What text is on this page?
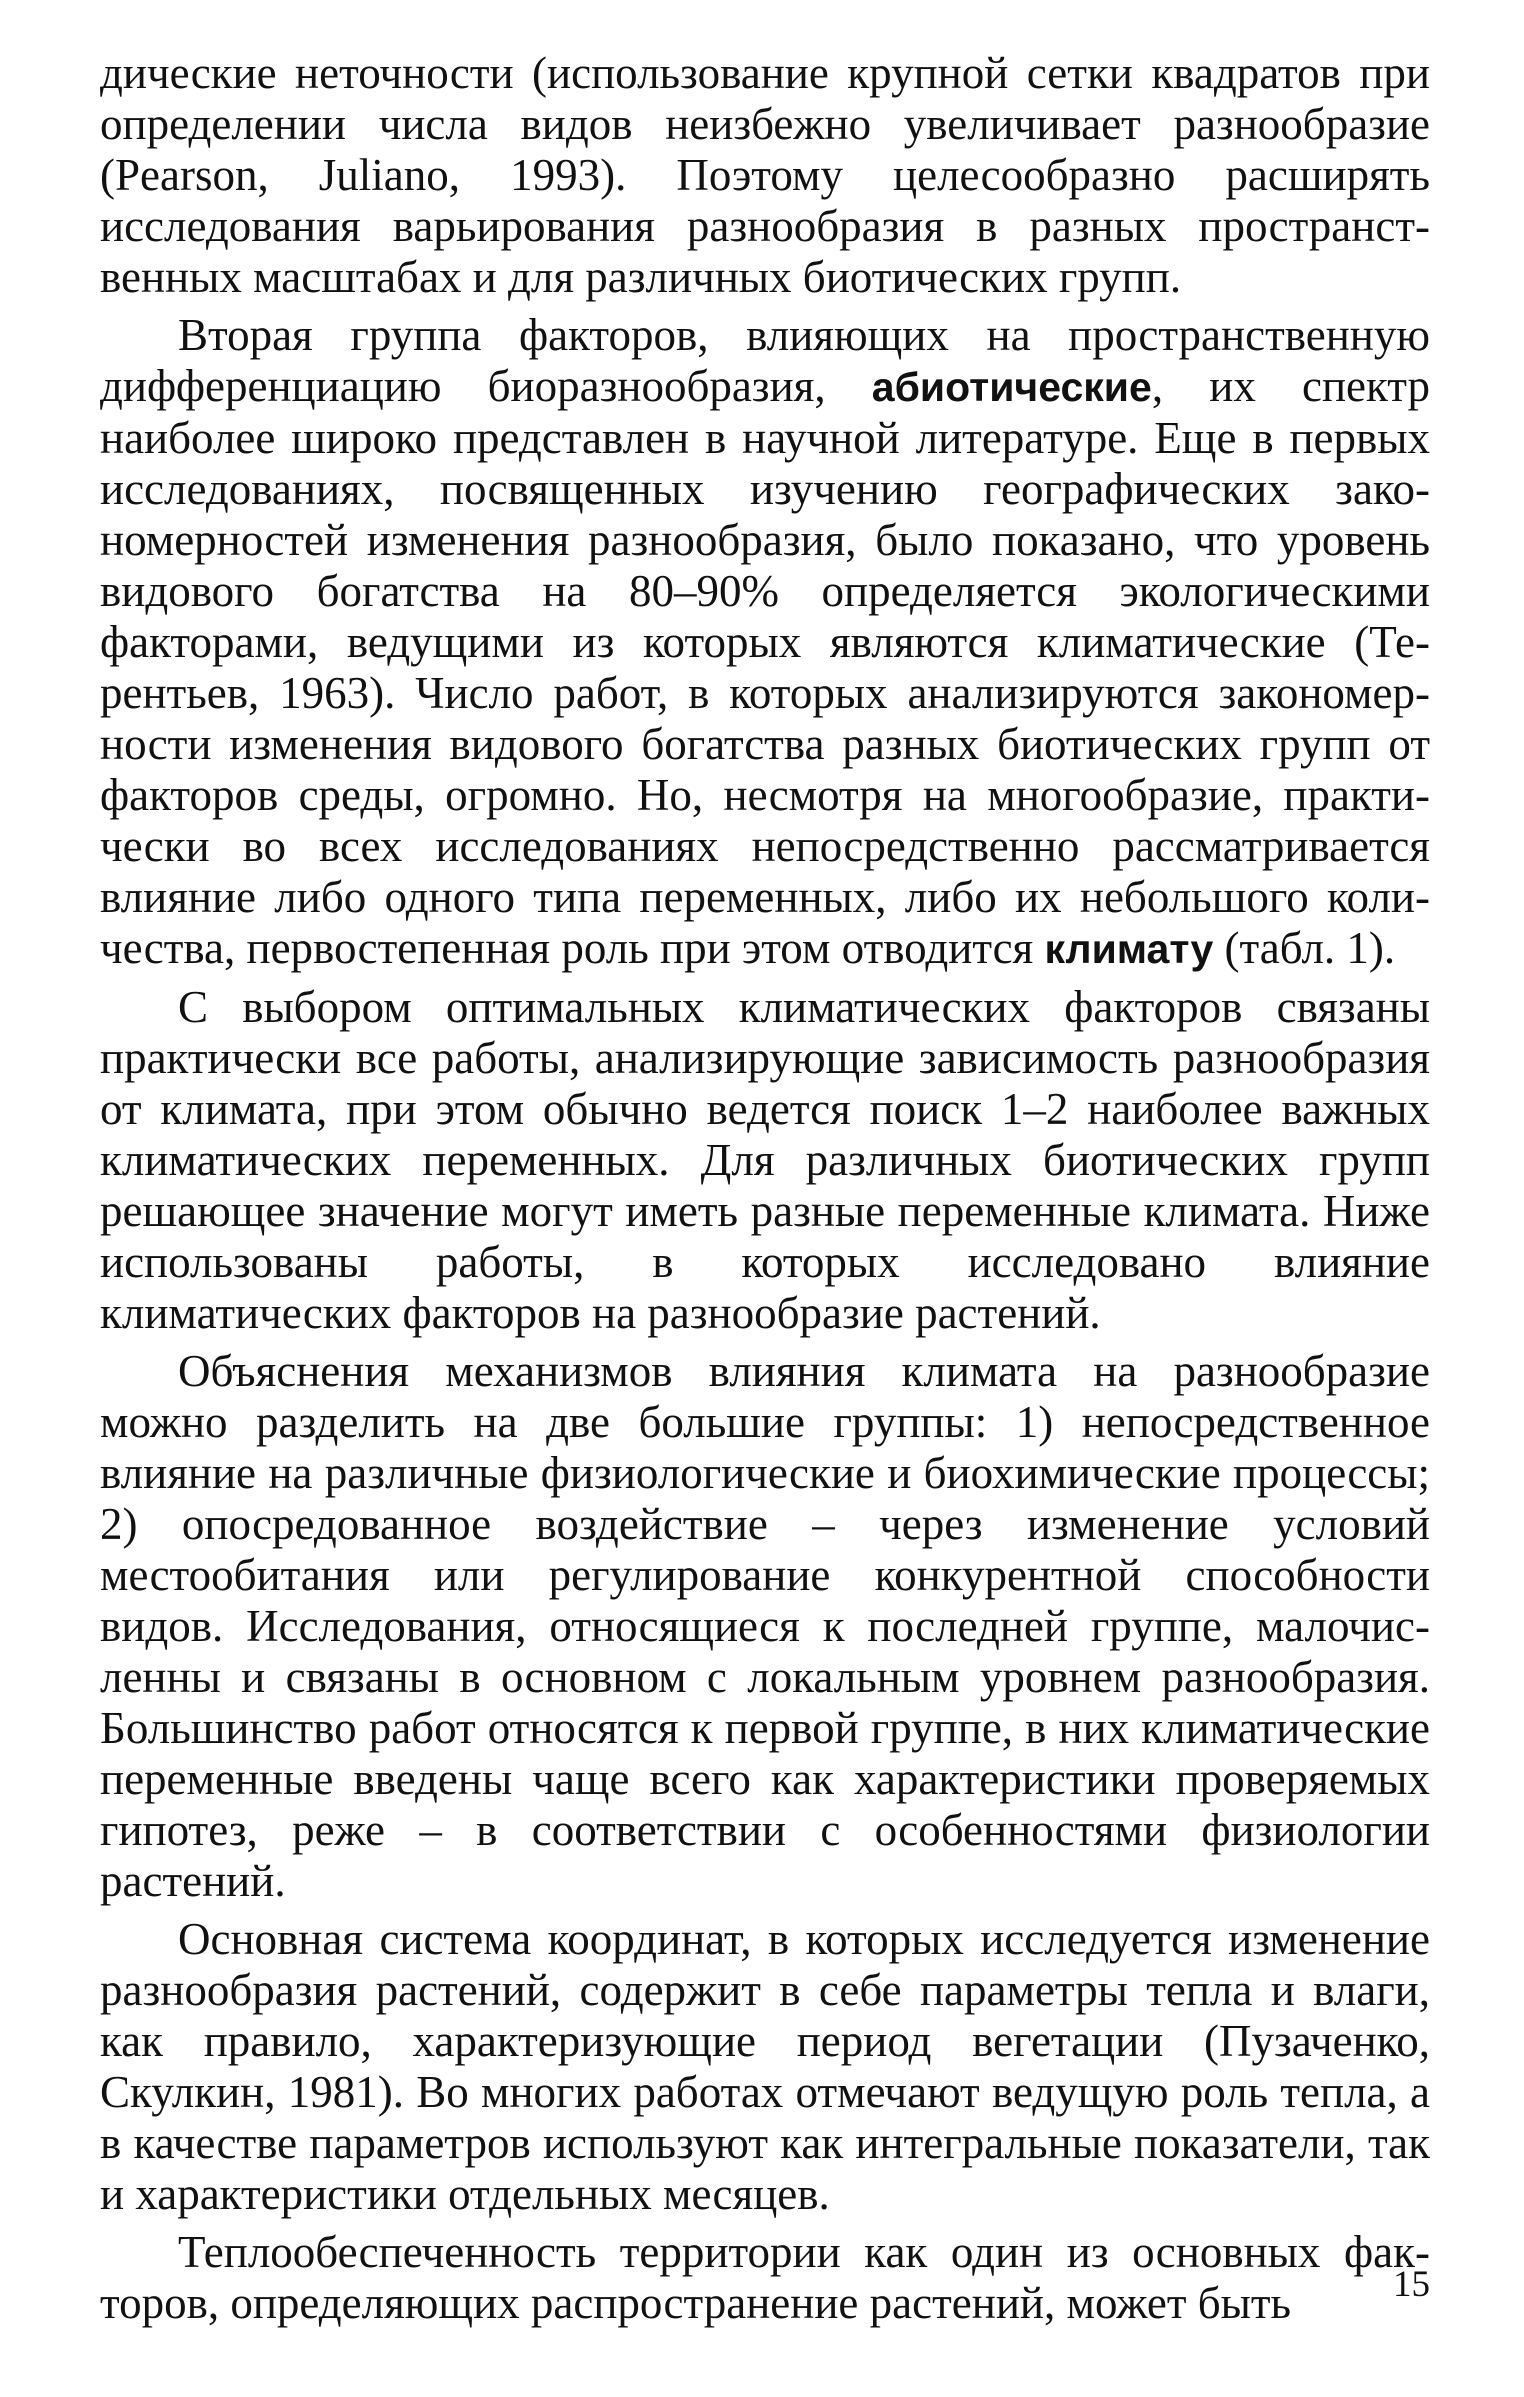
дические неточности (использование крупной сетки квадратов при определении числа видов неизбежно увеличивает разнообразие (Pearson, Juliano, 1993). Поэтому целесообразно расширять исследования варьирования разнообразия в разных пространственных масштабах и для различных биотических групп.

Вторая группа факторов, влияющих на пространственную дифференциацию биоразнообразия, абиотические, их спектр наиболее широко представлен в научной литературе. Еще в первых исследованиях, посвященных изучению географических закономерностей изменения разнообразия, было показано, что уровень видового богатства на 80–90% определяется экологическими факторами, ведущими из которых являются климатические (Терентьев, 1963). Число работ, в которых анализируются закономерности изменения видового богатства разных биотических групп от факторов среды, огромно. Но, несмотря на многообразие, практически во всех исследованиях непосредственно рассматривается влияние либо одного типа переменных, либо их небольшого количества, первостепенная роль при этом отводится климату (табл. 1).

С выбором оптимальных климатических факторов связаны практически все работы, анализирующие зависимость разнообразия от климата, при этом обычно ведется поиск 1–2 наиболее важных климатических переменных. Для различных биотических групп решающее значение могут иметь разные переменные климата. Ниже использованы работы, в которых исследовано влияние климатических факторов на разнообразие растений.

Объяснения механизмов влияния климата на разнообразие можно разделить на две большие группы: 1) непосредственное влияние на различные физиологические и биохимические процессы; 2) опосредованное воздействие – через изменение условий местообитания или регулирование конкурентной способности видов. Исследования, относящиеся к последней группе, малочисленны и связаны в основном с локальным уровнем разнообразия. Большинство работ относятся к первой группе, в них климатические переменные введены чаще всего как характеристики проверяемых гипотез, реже – в соответствии с особенностями физиологии растений.

Основная система координат, в которых исследуется изменение разнообразия растений, содержит в себе параметры тепла и влаги, как правило, характеризующие период вегетации (Пузаченко, Скулкин, 1981). Во многих работах отмечают ведущую роль тепла, а в качестве параметров используют как интегральные показатели, так и характеристики отдельных месяцев.

Теплообеспеченность территории как один из основных факторов, определяющих распространение растений, может быть	15
